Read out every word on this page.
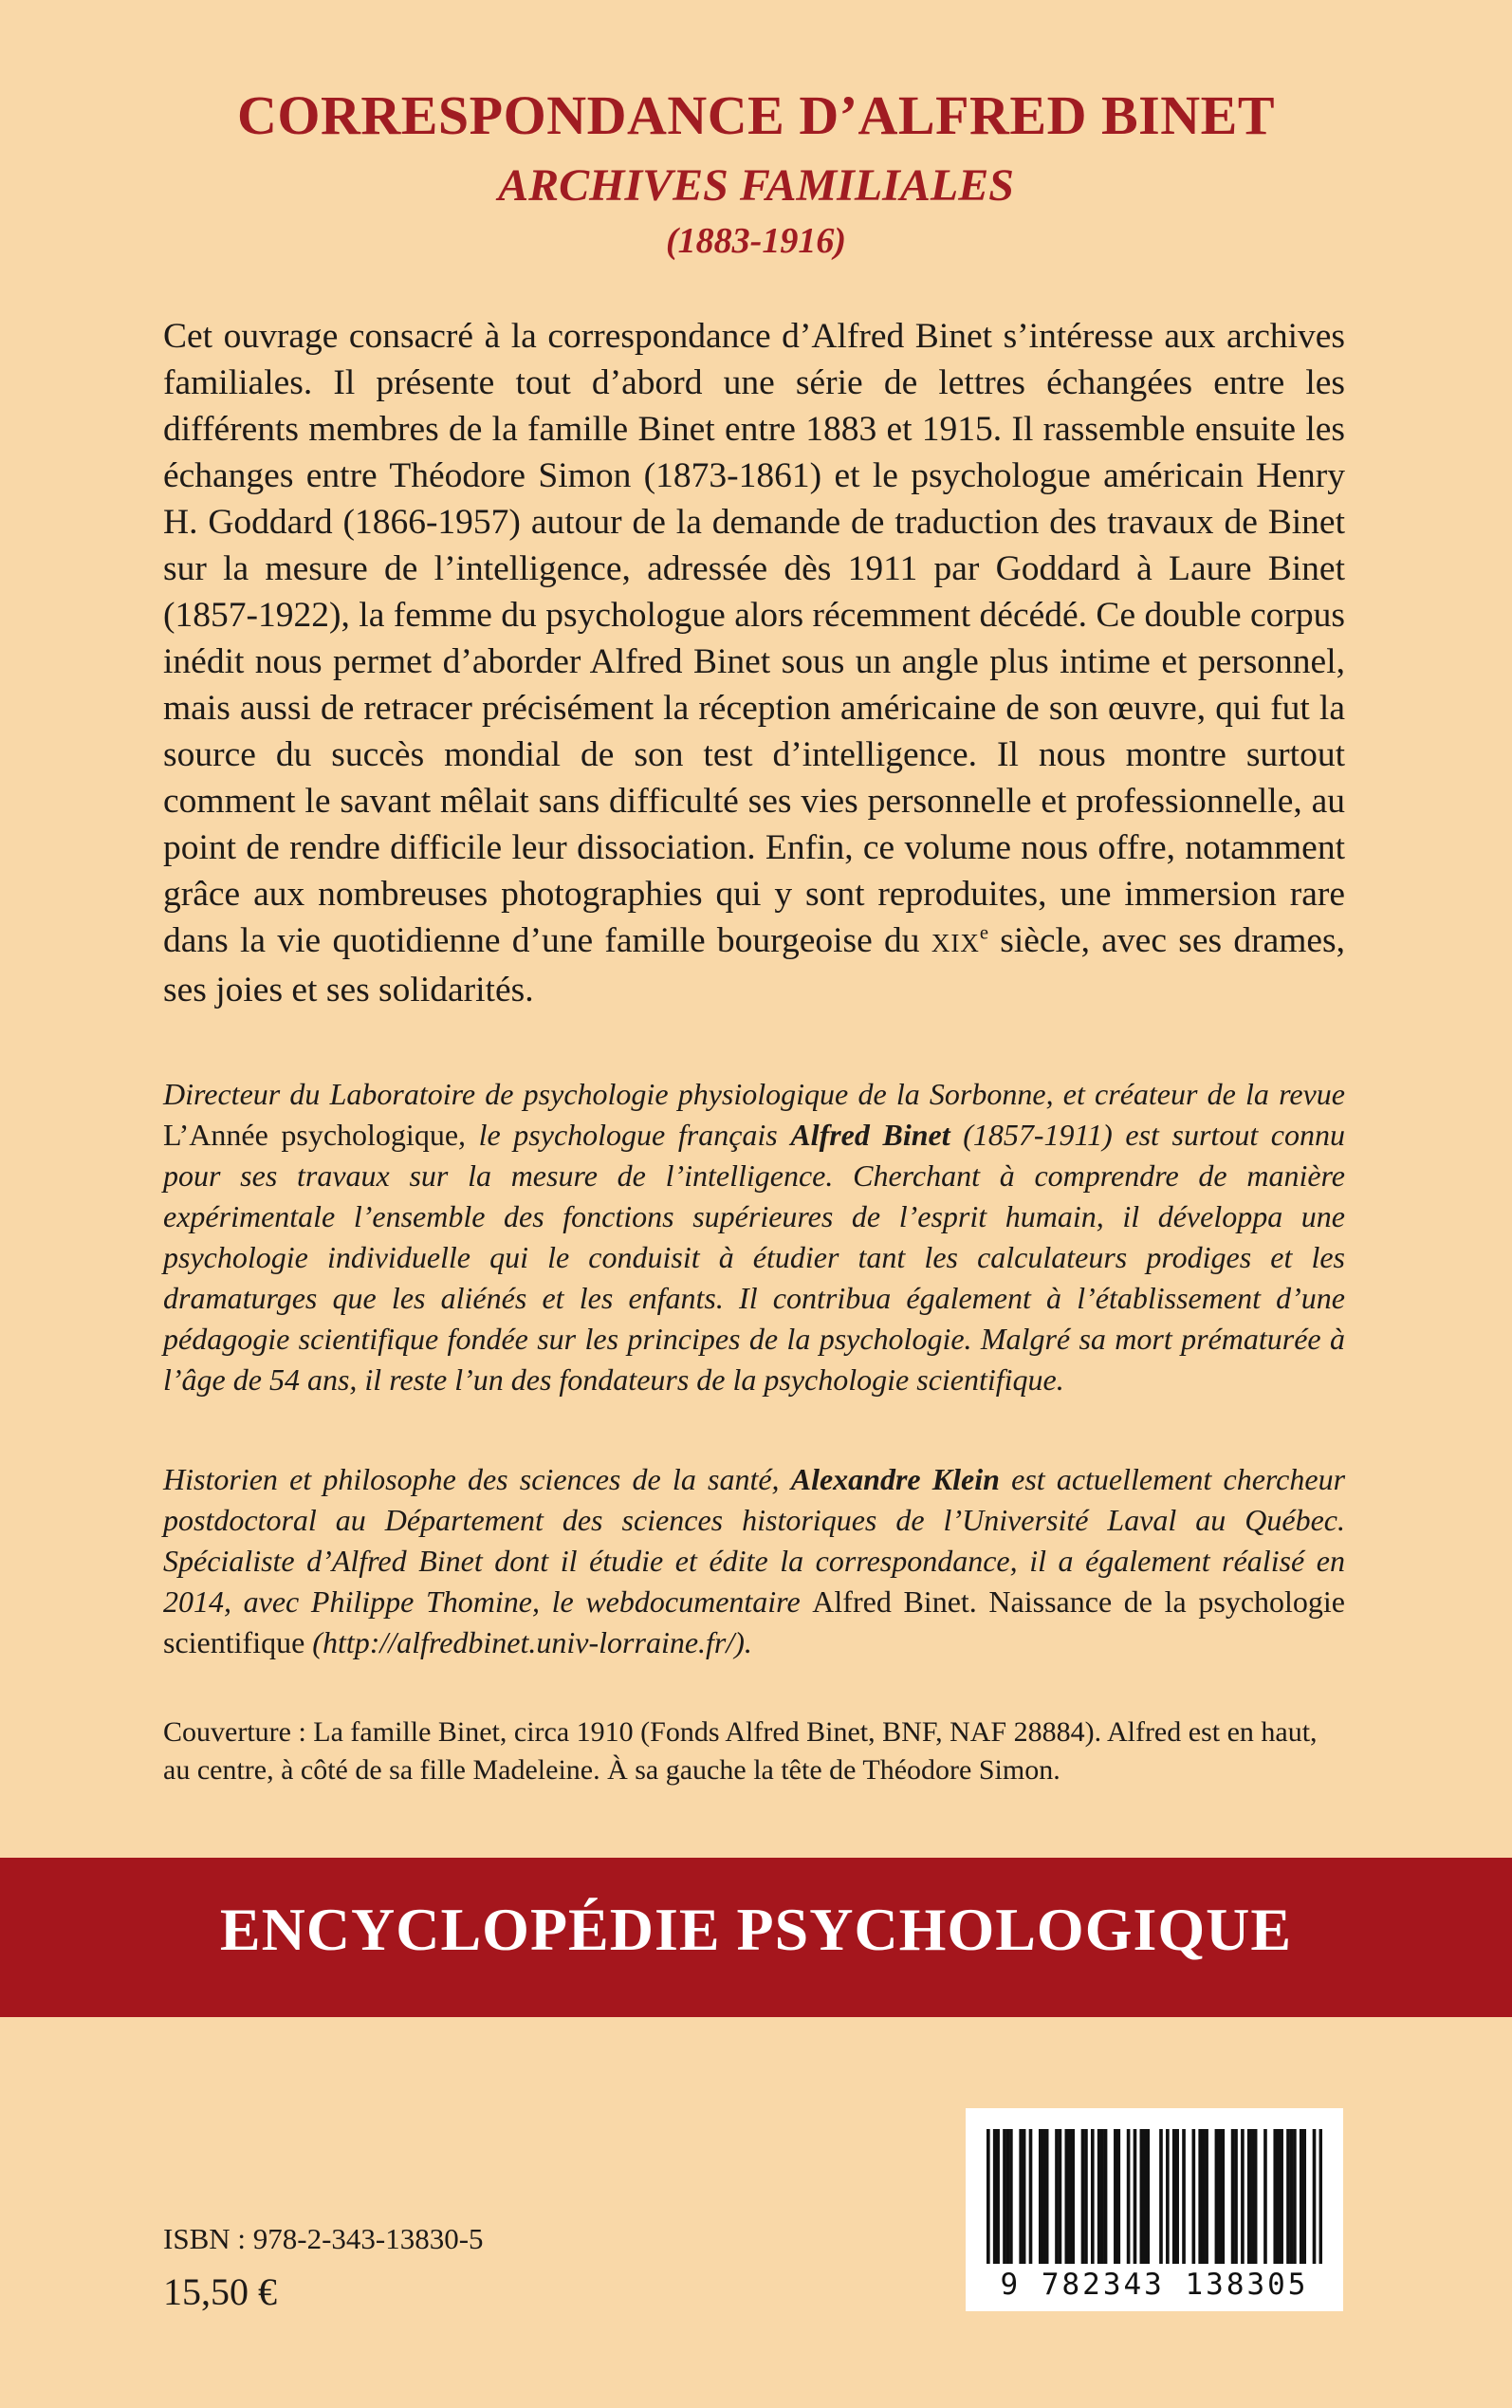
CORRESPONDANCE D’ALFRED BINET
ARCHIVES FAMILIALES

(1883-1916)

Cet ouvrage consacré à la correspondance d’Alfred Binet s’intéresse aux archives familiales. Il présente tout d’abord une série de lettres échangées entre les différents membres de la famille Binet entre 1883 et 1915. Il rassemble ensuite les échanges entre Théodore Simon (1873-1861) et le psychologue américain Henry H. Goddard (1866-1957) autour de la demande de traduction des travaux de Binet sur la mesure de l’intelligence, adressée dès 1911 par Goddard à Laure Binet (1857-1922), la femme du psychologue alors récemment décédé. Ce double corpus inédit nous permet d’aborder Alfred Binet sous un angle plus intime et personnel, mais aussi de retracer précisément la réception américaine de son œuvre, qui fut la source du succès mondial de son test d’intelligence. Il nous montre surtout comment le savant mêlait sans difficulté ses vies personnelle et professionnelle, au point de rendre difficile leur dissociation. Enfin, ce volume nous offre, notamment grâce aux nombreuses photographies qui y sont reproduites, une immersion rare dans la vie quotidienne d’une famille bourgeoise du XIXe siècle, avec ses drames, ses joies et ses solidarités.

Directeur du Laboratoire de psychologie physiologique de la Sorbonne, et créateur de la revue L’Année psychologique, le psychologue français Alfred Binet (1857-1911) est surtout connu pour ses travaux sur la mesure de l’intelligence. Cherchant à comprendre de manière expérimentale l’ensemble des fonctions supérieures de l’esprit humain, il développa une psychologie individuelle qui le conduisit à étudier tant les calculateurs prodiges et les dramaturges que les aliénés et les enfants. Il contribua également à l’établissement d’une pédagogie scientifique fondée sur les principes de la psychologie. Malgré sa mort prématurée à l’âge de 54 ans, il reste l’un des fondateurs de la psychologie scientifique.

Historien et philosophe des sciences de la santé, Alexandre Klein est actuellement chercheur postdoctoral au Département des sciences historiques de l’Université Laval au Québec. Spécialiste d’Alfred Binet dont il étudie et édite la correspondance, il a également réalisé en 2014, avec Philippe Thomine, le webdocumentaire Alfred Binet. Naissance de la psychologie scientifique (http://alfredbinet.univ-lorraine.fr/).

Couverture : La famille Binet, circa 1910 (Fonds Alfred Binet, BNF, NAF 28884). Alfred est en haut, au centre, à côté de sa fille Madeleine. À sa gauche la tête de Théodore Simon.

ENCYCLOPÉDIE PSYCHOLOGIQUE

9 782343 138305

ISBN : 978-2-343-13830-5

15,50 €
